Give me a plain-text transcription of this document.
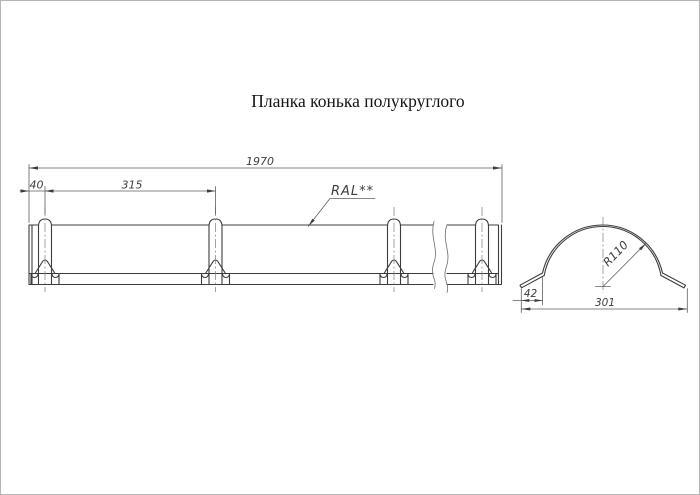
Планка конька полукруглого
1970
40	315	RAL**
R110
42
301
